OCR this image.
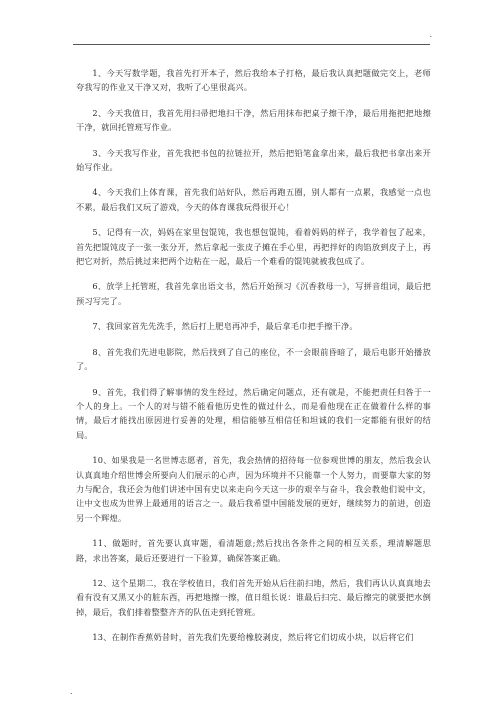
.

1、今天写数学题，我首先打开本子，然后我给本子打格，最后我认真把题做完交上，老师夸我写的作业又干净又对，我听了心里很高兴。

2、今天我值日，我首先用扫帚把地扫干净，然后用抹布把桌子擦干净，最后用拖把把地擦干净，就回托管班写作业。

3、今天我写作业，首先我把书包的拉链拉开，然后把铅笔盒拿出来，最后我把书拿出来开始写作业。

4、今天我们上体育课，首先我们站好队，然后再跑五圈，别人都有一点累，我感觉一点也不累，最后我们又玩了游戏，今天的体育课我玩得很开心！

5、记得有一次，妈妈在家里包馄饨，我也想包馄饨，看着妈妈的样子，我学着包了起来，首先把馄饨皮子一张一张分开，然后拿起一张皮子摊在手心里，再把拌好的肉馅放到皮子上，再把它对折，然后挑过来把两个边粘在一起，最后一个难看的馄饨就被我包成了。

6、放学上托管班，我首先拿出语文书，然后开始预习《沉香救母一》，写拼音组词，最后把预习写完了。

7、我回家首先先洗手，然后打上肥皂再冲手，最后拿毛巾把手擦干净。

8、首先我们先进电影院，然后找到了自己的座位，不一会眼前昏暗了，最后电影开始播放了。

9、首先，我们得了解事情的发生经过，然后确定问题点，还有就是，不能把责任归咎于一个人的身上。一个人的对与错不能看他历史性的做过什么，而是看他现在正在做着什么样的事情，最后才能找出原因进行妥善的处理，相信能够互相信任和坦诚的我们一定都能有很好的结局。

10、如果我是一名世博志愿者，首先，我会热情的招待每一位参观世博的朋友，然后我会认认真真地介绍世博会所要向人们展示的心声，因为环境并不只能靠一个人努力，而要靠大家的努力与配合，我还会为他们讲述中国有史以来走向今天这一步的艰辛与奋斗，我会教他们说中文，让中文也成为世界上最通用的语言之一。最后我希望中国能发展的更好，继续努力的前进，创造另一个辉煌。

11、做题时，首先要认真审题，看清题意;然后找出各条件之间的相互关系，理清解题思路，求出答案，最后还要进行一下验算，确保答案正确。

12、这个星期二，我在学校值日，我们首先开始从后往前扫地，然后，我们再认认真真地去看有没有又黑又小的脏东西，再把地擦一擦，值日组长说：谁最后扫完、最后擦完的就要把水倒掉，最后，我们排着整整齐齐的队伍走到托管班。

13、在制作香蕉奶昔时，首先我们先要给橡胶剥皮，然后将它们切成小块，以后将它们

.
